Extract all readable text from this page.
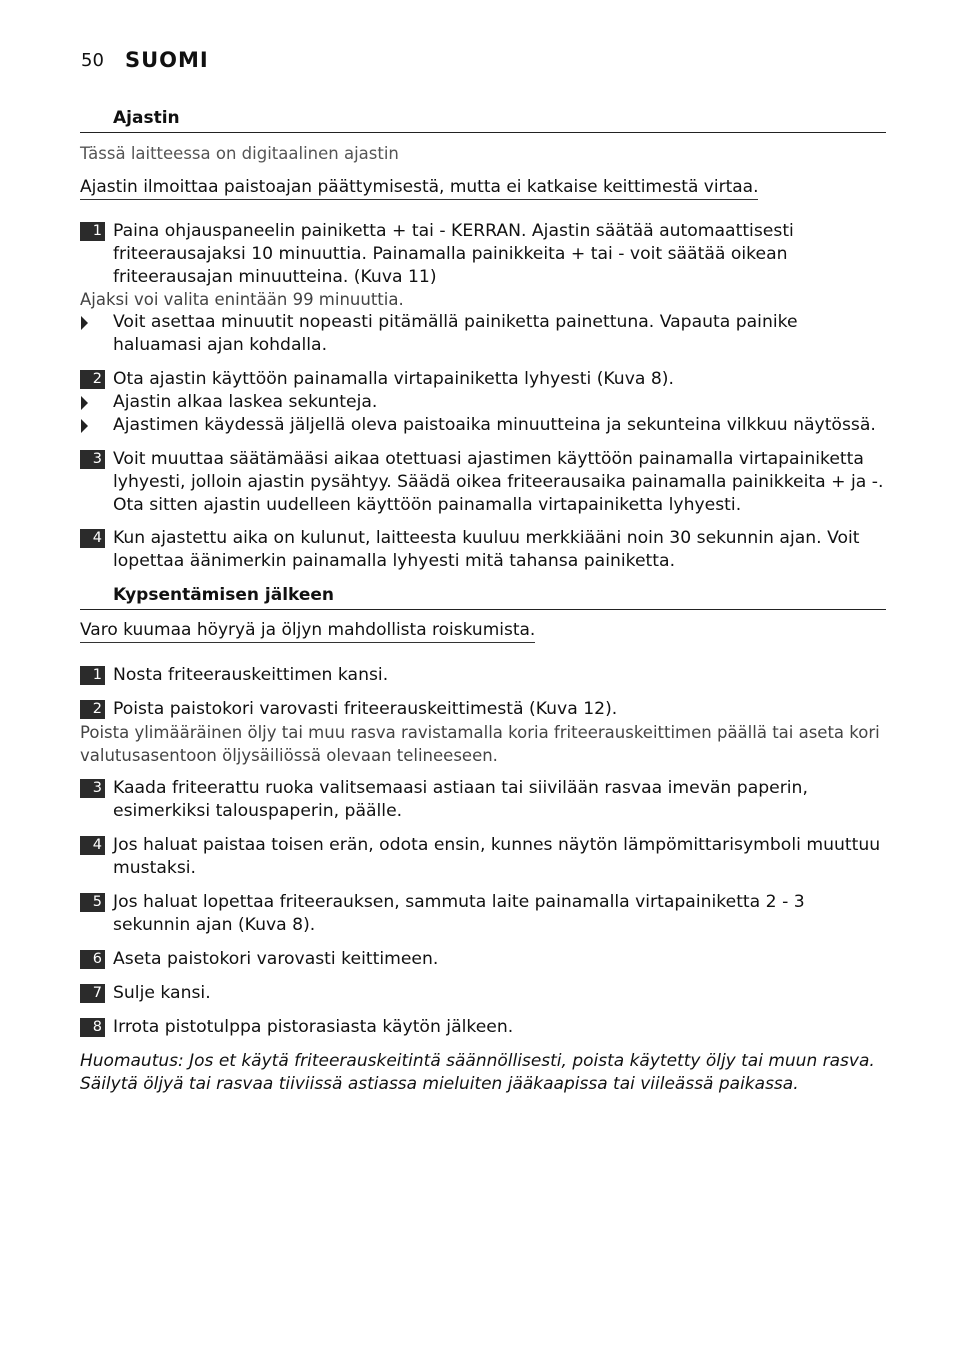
50 SUOMI
Ajastin
Tässä laitteessa on digitaalinen ajastin
Ajastin ilmoittaa paistoajan päättymisestä, mutta ei katkaise keittimestä virtaa.
1 Paina ohjauspaneelin painiketta + tai - KERRAN. Ajastin säätää automaattisesti friteerausajaksi 10 minuuttia. Painamalla painikkeita + tai - voit säätää oikean friteerausajan minuutteina. (Kuva 11)
Ajaksi voi valita enintään 99 minuuttia.
Voit asettaa minuutit nopeasti pitämällä painiketta painettuna. Vapauta painike haluamasi ajan kohdalla.
2 Ota ajastin käyttöön painamalla virtapainiketta lyhyesti (Kuva 8).
Ajastin alkaa laskea sekunteja.
Ajastimen käydessä jäljellä oleva paistoaika minuutteina ja sekunteina vilkkuu näytössä.
3 Voit muuttaa säätämääsi aikaa otettuasi ajastimen käyttöön painamalla virtapainiketta lyhyesti, jolloin ajastin pysähtyy. Säädä oikea friteerausaika painamalla painikkeita + ja -. Ota sitten ajastin uudelleen käyttöön painamalla virtapainiketta lyhyesti.
4 Kun ajastettu aika on kulunut, laitteesta kuuluu merkkiääni noin 30 sekunnin ajan. Voit lopettaa äänimerkin painamalla lyhyesti mitä tahansa painiketta.
Kypsentämisen jälkeen
Varo kuumaa höyryä ja öljyn mahdollista roiskumista.
1 Nosta friteerauskeittimen kansi.
2 Poista paistokori varovasti friteerauskeittimestä (Kuva 12).
Poista ylimääräinen öljy tai muu rasva ravistamalla koria friteerauskeittimen päällä tai aseta kori valutusasentoon öljysäiliössä olevaan telineeseen.
3 Kaada friteerattu ruoka valitsemaasi astiaan tai siivilään rasvaa imevän paperin, esimerkiksi talouspaperin, päälle.
4 Jos haluat paistaa toisen erän, odota ensin, kunnes näytön lämpömittarisymboli muuttuu mustaksi.
5 Jos haluat lopettaa friteerauksen, sammuta laite painamalla virtapainiketta 2 - 3 sekunnin ajan (Kuva 8).
6 Aseta paistokori varovasti keittimeen.
7 Sulje kansi.
8 Irrota pistotulppa pistorasiasta käytön jälkeen.
Huomautus: Jos et käytä friteerauskeitintä säännöllisesti, poista käytetty öljy tai muun rasva. Säilytä öljyä tai rasvaa tiiviissä astiassa mieluiten jääkaapissa tai viileässä paikassa.
